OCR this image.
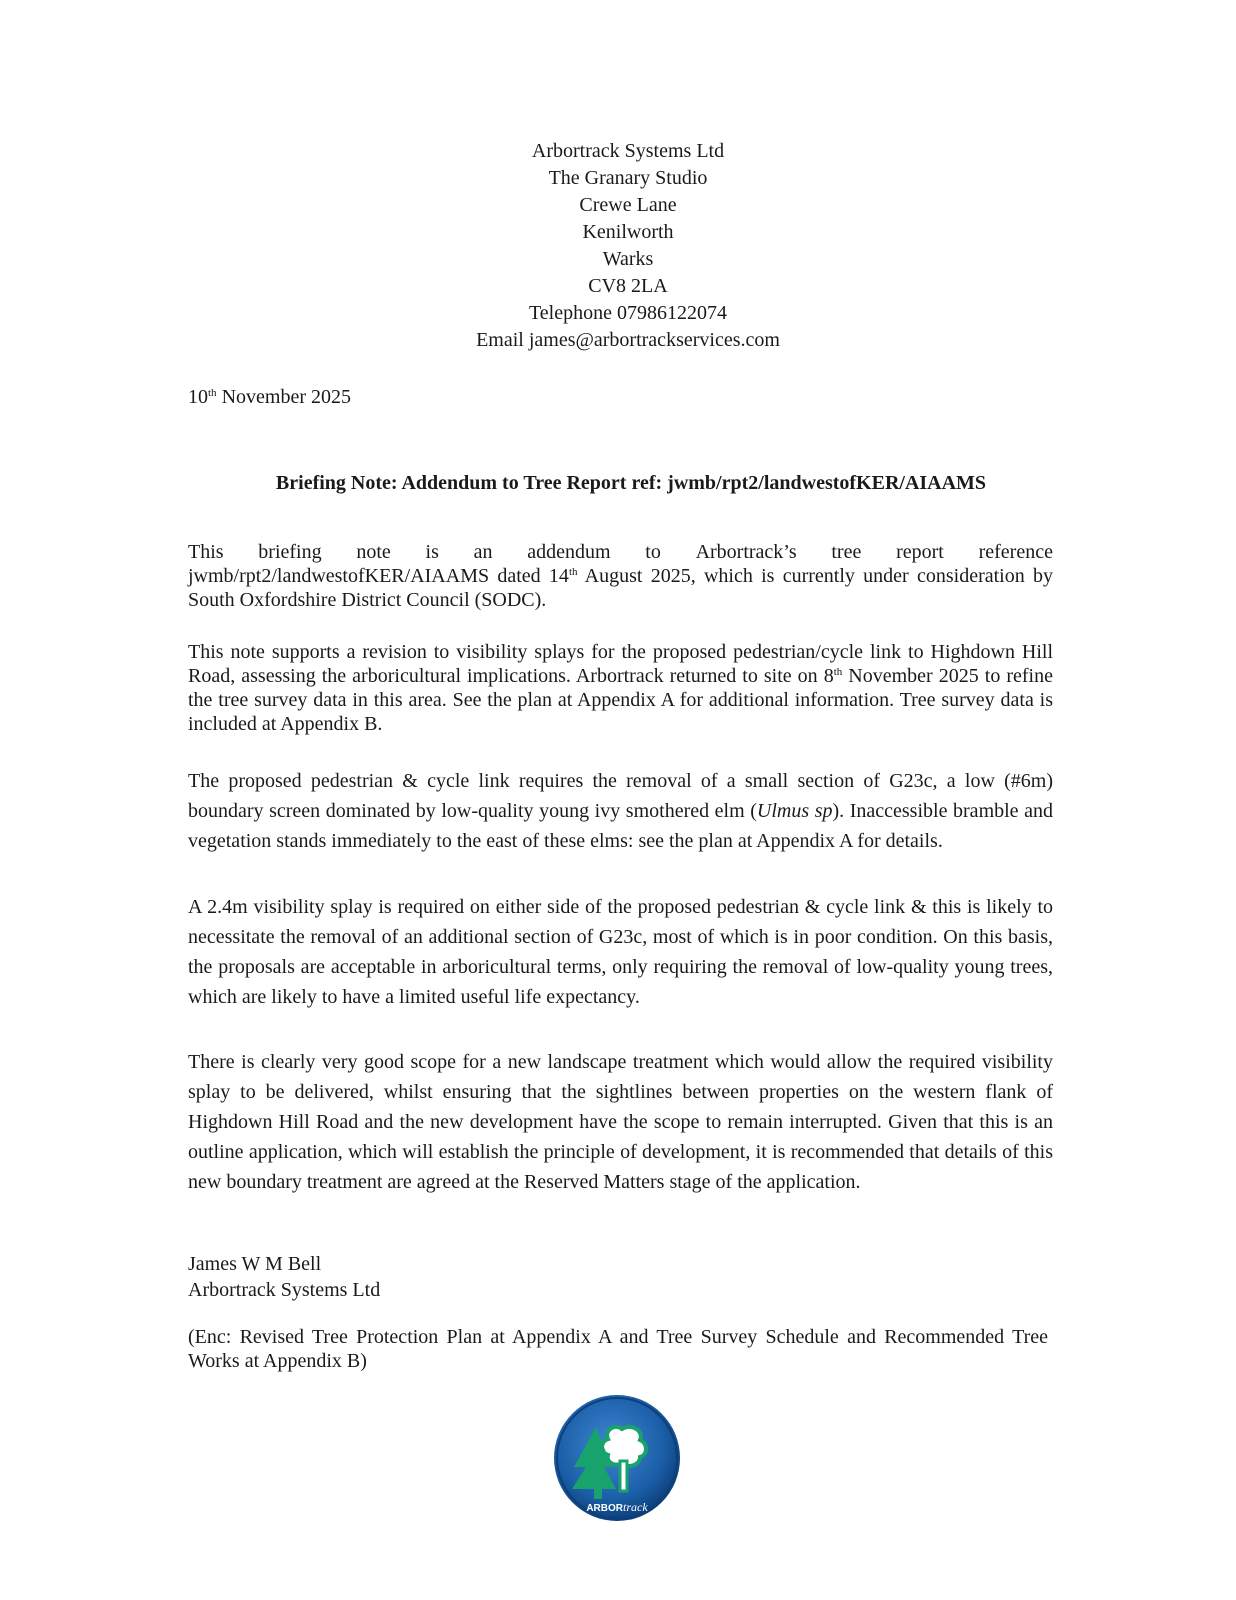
Arbortrack Systems Ltd
The Granary Studio
Crewe Lane
Kenilworth
Warks
CV8 2LA
Telephone 07986122074
Email james@arbortrackservices.com
10th November 2025
Briefing Note: Addendum to Tree Report ref: jwmb/rpt2/landwestofKER/AIAAMS
This briefing note is an addendum to Arbortrack’s tree report reference
jwmb/rpt2/landwestofKER/AIAAMS dated 14th August 2025, which is currently under consideration by South Oxfordshire District Council (SODC).

This note supports a revision to visibility splays for the proposed pedestrian/cycle link to Highdown Hill Road, assessing the arboricultural implications. Arbortrack returned to site on 8th November 2025 to refine the tree survey data in this area. See the plan at Appendix A for additional information. Tree survey data is included at Appendix B.

The proposed pedestrian & cycle link requires the removal of a small section of G23c, a low (#6m) boundary screen dominated by low-quality young ivy smothered elm (Ulmus sp). Inaccessible bramble and vegetation stands immediately to the east of these elms: see the plan at Appendix A for details.

A 2.4m visibility splay is required on either side of the proposed pedestrian & cycle link & this is likely to necessitate the removal of an additional section of G23c, most of which is in poor condition. On this basis, the proposals are acceptable in arboricultural terms, only requiring the removal of low-quality young trees, which are likely to have a limited useful life expectancy.

There is clearly very good scope for a new landscape treatment which would allow the required visibility splay to be delivered, whilst ensuring that the sightlines between properties on the western flank of Highdown Hill Road and the new development have the scope to remain interrupted. Given that this is an outline application, which will establish the principle of development, it is recommended that details of this new boundary treatment are agreed at the Reserved Matters stage of the application.

James W M Bell
Arbortrack Systems Ltd

(Enc: Revised Tree Protection Plan at Appendix A and Tree Survey Schedule and Recommended Tree Works at Appendix B)

ARBORtrack
